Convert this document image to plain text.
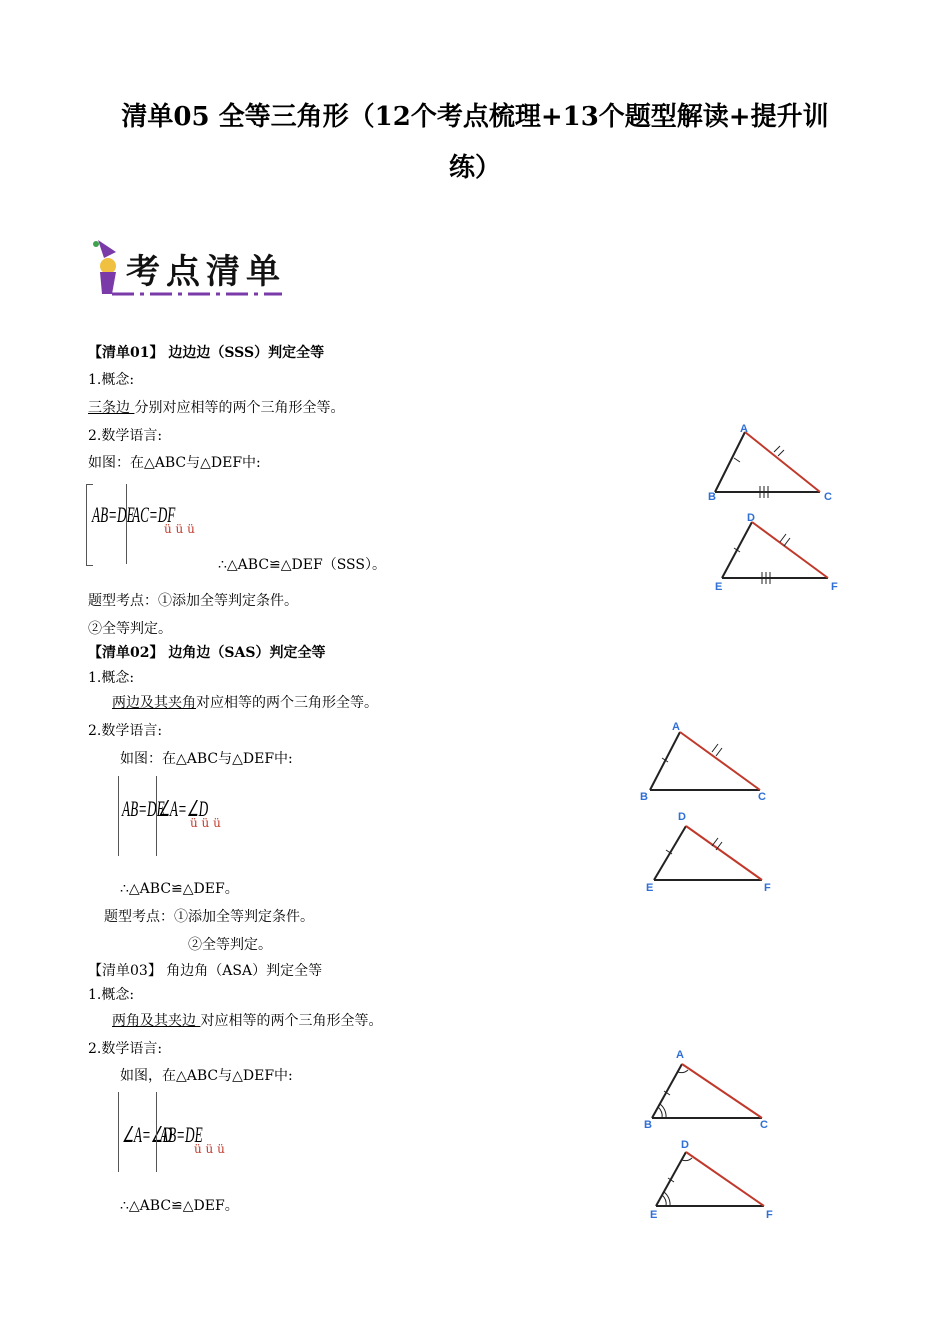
清单05 全等三角形（12个考点梳理+13个题型解读+提升训
练）
考点清单
【清单01】 边边边（SSS）判定全等
1.概念:
三条边 分别对应相等的两个三角形全等。
2.数学语言:
如图：在△ABC与△DEF中:
AB=DE
AC=DF
ü ü ü
∴△ABC≌△DEF（SSS）。
题型考点：①添加全等判定条件。
②全等判定。
A
B	C
D
E	F
【清单02】 边角边（SAS）判定全等
1.概念:
两边及其夹角对应相等的两个三角形全等。
2.数学语言:
如图：在△ABC与△DEF中:
AB=DE
∠A=∠D
ü ü ü
∴△ABC≌△DEF。
题型考点：①添加全等判定条件。
②全等判定。
A
B	C
D
E	F
【清单03】 角边角（ASA）判定全等
1.概念:
两角及其夹边 对应相等的两个三角形全等。
2.数学语言:
如图，在△ABC与△DEF中:
∠A=∠D
AB=DE
ü ü ü
∴△ABC≌△DEF。
A
B	C
D
E	F
